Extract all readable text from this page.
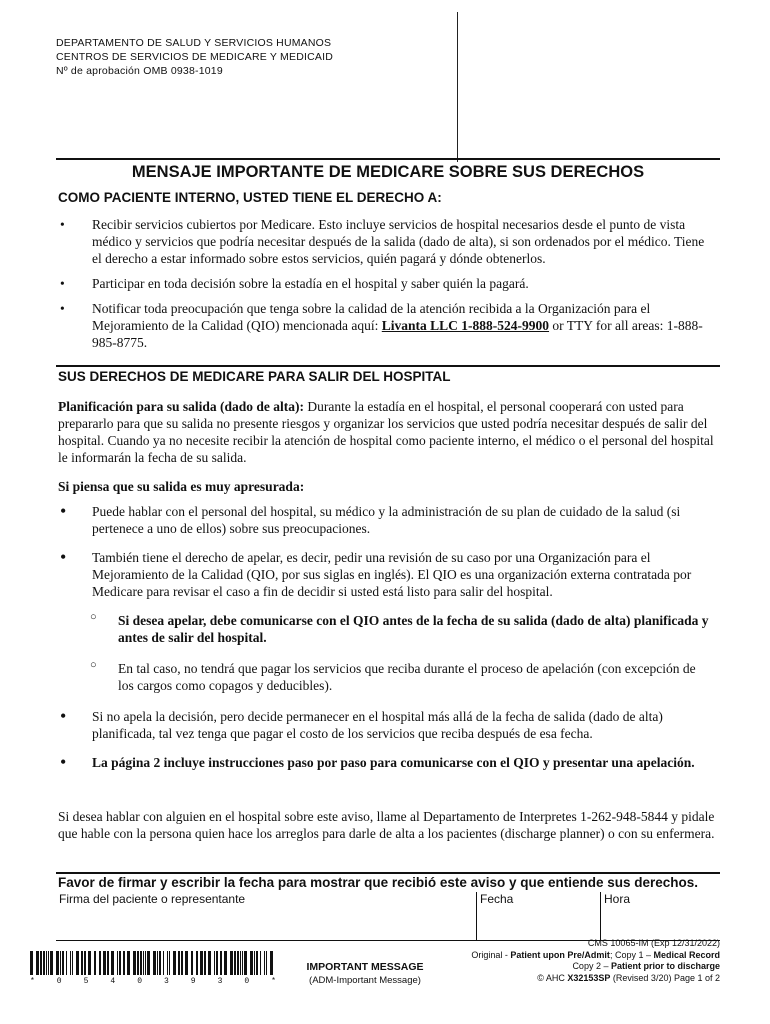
DEPARTAMENTO DE SALUD Y SERVICIOS HUMANOS
CENTROS DE SERVICIOS DE MEDICARE Y MEDICAID
Nº de aprobación OMB 0938-1019
MENSAJE IMPORTANTE DE MEDICARE SOBRE SUS DERECHOS
COMO PACIENTE INTERNO, USTED TIENE EL DERECHO A:
• Recibir servicios cubiertos por Medicare. Esto incluye servicios de hospital necesarios desde el punto de vista médico y servicios que podría necesitar después de la salida (dado de alta), si son ordenados por el médico. Tiene el derecho a estar informado sobre estos servicios, quién pagará y dónde obtenerlos.
• Participar en toda decisión sobre la estadía en el hospital y saber quién la pagará.
• Notificar toda preocupación que tenga sobre la calidad de la atención recibida a la Organización para el Mejoramiento de la Calidad (QIO) mencionada aquí: Livanta LLC 1-888-524-9900 or TTY for all areas: 1-888-985-8775.
SUS DERECHOS DE MEDICARE PARA SALIR DEL HOSPITAL
Planificación para su salida (dado de alta): Durante la estadía en el hospital, el personal cooperará con usted para prepararlo para que su salida no presente riesgos y organizar los servicios que usted podría necesitar después de salir del hospital. Cuando ya no necesite recibir la atención de hospital como paciente interno, el médico o el personal del hospital le informarán la fecha de su salida.
Si piensa que su salida es muy apresurada:
• Puede hablar con el personal del hospital, su médico y la administración de su plan de cuidado de la salud (si pertenece a uno de ellos) sobre sus preocupaciones.
• También tiene el derecho de apelar, es decir, pedir una revisión de su caso por una Organización para el Mejoramiento de la Calidad (QIO, por sus siglas en inglés). El QIO es una organización externa contratada por Medicare para revisar el caso a fin de decidir si usted está listo para salir del hospital.
○ Si desea apelar, debe comunicarse con el QIO antes de la fecha de su salida (dado de alta) planificada y antes de salir del hospital.
○ En tal caso, no tendrá que pagar los servicios que reciba durante el proceso de apelación (con excepción de los cargos como copagos y deducibles).
• Si no apela la decisión, pero decide permanecer en el hospital más allá de la fecha de salida (dado de alta) planificada, tal vez tenga que pagar el costo de los servicios que reciba después de esa fecha.
• La página 2 incluye instrucciones paso por paso para comunicarse con el QIO y presentar una apelación.
Si desea hablar con alguien en el hospital sobre este aviso, llame al Departamento de Interpretes 1-262-948-5844 y pidale que hable con la persona quien hace los arreglos para darle de alta a los pacientes (discharge planner) o con su enfermera.
Favor de firmar y escribir la fecha para mostrar que recibió este aviso y que entiende sus derechos.
Firma del paciente o representante	Fecha	Hora
*	0	5	4	0	3	9	3	0	*
IMPORTANT MESSAGE
(ADM-Important Message)
CMS 10065-IM (Exp 12/31/2022)
Original - Patient upon Pre/Admit; Copy 1 – Medical Record
Copy 2 – Patient prior to discharge
© AHC X32153SP (Revised 3/20) Page 1 of 2
